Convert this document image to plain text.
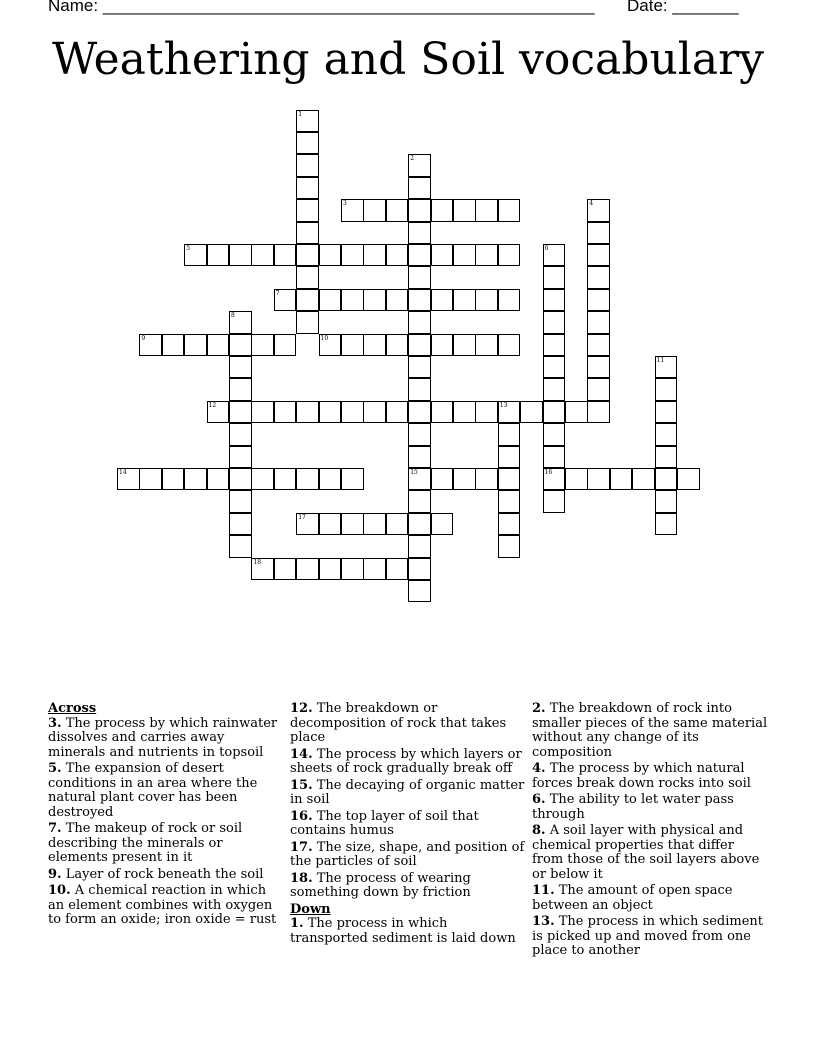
Name: ____________________________________________________ Date: _______
Weathering and Soil vocabulary
1
2
15
3	4
5	6
16
7
8
9	10
11
12	13
14
17
18
Across
3. The process by which rainwater dissolves and carries away minerals and nutrients in topsoil
5. The expansion of desert conditions in an area where the natural plant cover has been destroyed
7. The makeup of rock or soil describing the minerals or elements present in it
9. Layer of rock beneath the soil
10. A chemical reaction in which an element combines with oxygen to form an oxide; iron oxide = rust
12. The breakdown or decomposition of rock that takes place
14. The process by which layers or sheets of rock gradually break off
15. The decaying of organic matter in soil
16. The top layer of soil that contains humus
17. The size, shape, and position of the particles of soil
18. The process of wearing something down by friction
Down
1. The process in which transported sediment is laid down
2. The breakdown of rock into smaller pieces of the same material without any change of its composition
4. The process by which natural forces break down rocks into soil
6. The ability to let water pass through
8. A soil layer with physical and chemical properties that differ from those of the soil layers above or below it
11. The amount of open space between an object
13. The process in which sediment is picked up and moved from one place to another
